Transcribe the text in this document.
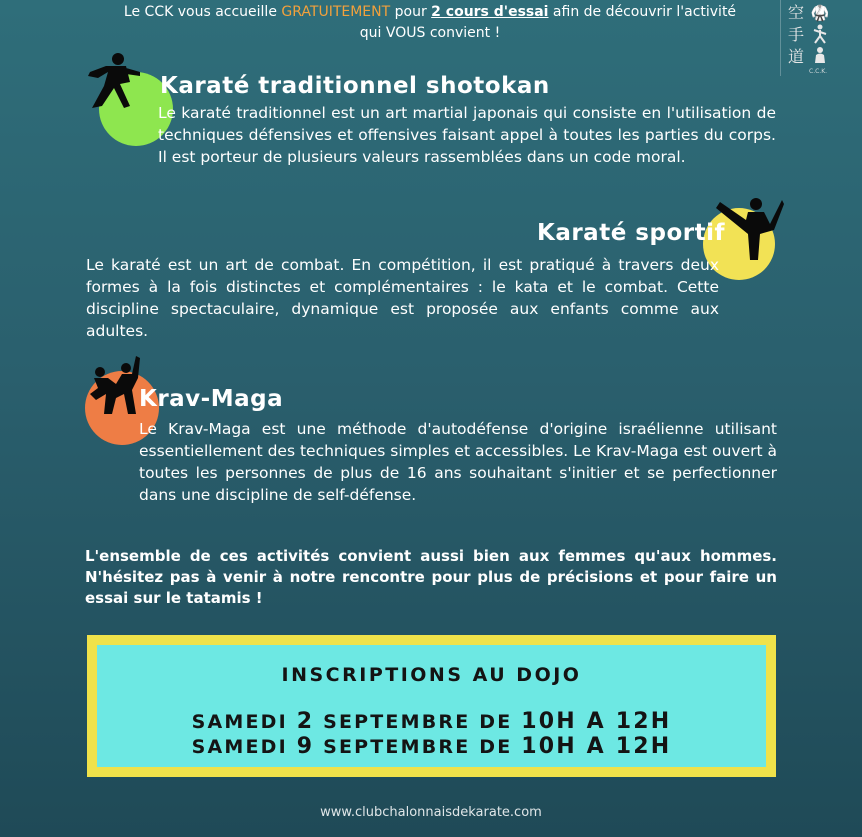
Le CCK vous accueille GRATUITEMENT pour 2 cours d'essai afin de découvrir l'activité
qui VOUS convient !
空
手
道
🥋
C.C.K.
Karaté traditionnel shotokan
Le karaté traditionnel est un art martial japonais qui consiste en l'utilisation de techniques défensives et offensives faisant appel à toutes les parties du corps. Il est porteur de plusieurs valeurs rassemblées dans un code moral.
Karaté sportif
Le karaté est un art de combat. En compétition, il est pratiqué à travers deux formes à la fois distinctes et complémentaires : le kata et le combat. Cette discipline spectaculaire, dynamique est proposée aux enfants comme aux adultes.
Krav-Maga
Le Krav-Maga est une méthode d'autodéfense d'origine israélienne utilisant essentiellement des techniques simples et accessibles. Le Krav-Maga est ouvert à toutes les personnes de plus de 16 ans souhaitant s'initier et se perfectionner dans une discipline de self-défense.
L'ensemble de ces activités convient aussi bien aux femmes qu'aux hommes. N'hésitez pas à venir à notre rencontre pour plus de précisions et pour faire un essai sur le tatamis !
INSCRIPTIONS AU DOJO
SAMEDI 2 SEPTEMBRE DE 10H A 12H
SAMEDI 9 SEPTEMBRE DE 10H A 12H
www.clubchalonnaisdekarate.com
